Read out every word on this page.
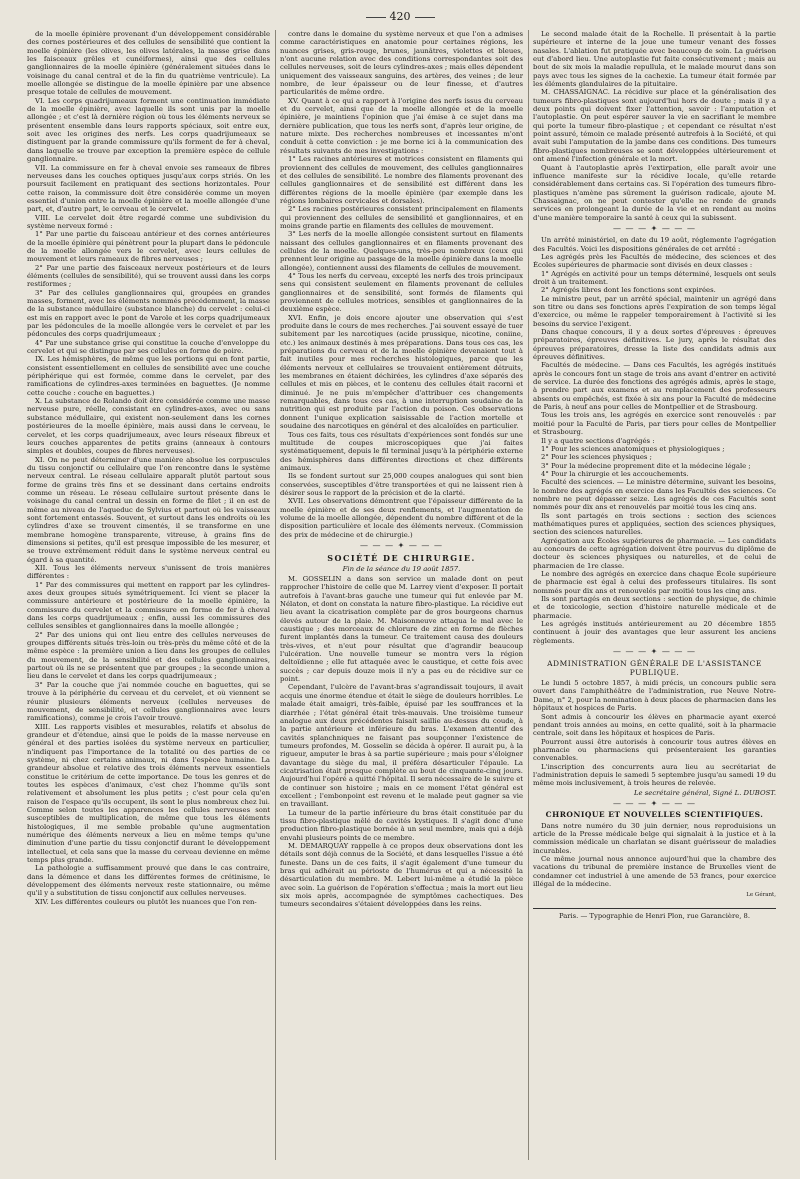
420

de la moelle épinière provenant d'un développement considérable des cornes postérieures et des cellules de sensibilité que contient la moelle épinière (les olives, les olives latérales, la masse grise dans les faisceaux grêles et cunéiformes), ainsi que des cellules ganglionnaires de la moelle épinière (généralement situées dans le voisinage du canal central et de la fin du quatrième ventricule). La moelle allongée se distingue de la moelle épinière par une absence presque totale de cellules de mouvement.

VI. Les corps quadrijumeaux forment une continuation immédiate de la moelle épinière, avec laquelle ils sont unis par la moelle allongée ; et c'est là dernière région où tous les éléments nerveux se présentent ensemble dans leurs rapports spéciaux, soit entre eux, soit avec les origines des nerfs. Les corps quadrijumeaux se distinguent par la grande commissure qu'ils forment de fer à cheval, dans laquelle se trouve par exception la première espèce de cellule ganglionnaire.

VII. La commissure en fer à cheval envoie ses rameaux de fibres nerveuses dans les couches optiques jusqu'aux corps striés. On les poursuit facilement en pratiquant des sections horizontales. Pour cette raison, la commissure doit être considérée comme un moyen essentiel d'union entre la moelle épinière et la moelle allongée d'une part, et, d'autre part, le cerveau et le cervelet.

VIII. Le cervelet doit être regardé comme une subdivision du système nerveux formé :

1° Par une partie du faisceau antérieur et des cornes antérieures de la moelle épinière qui pénètrent pour la plupart dans le pédoncule de la moelle allongée vers le cervelet, avec leurs cellules de mouvement et leurs rameaux de fibres nerveuses ;

2° Par une partie des faisceaux nerveux postérieurs et de leurs éléments (cellules de sensibilité), qui se trouvent aussi dans les corps restiformes ;

3° Par des cellules ganglionnaires qui, groupées en grandes masses, forment, avec les éléments nommés précédemment, la masse de la substance médullaire (substance blanche) du cervelet : celui-ci est mis en rapport avec le pont de Varole et les corps quadrijumeaux par les pédoncules de la moelle allongée vers le cervelet et par les pédoncules des corps quadrijumeaux ;

4° Par une substance grise qui constitue la couche d'enveloppe du cervelet et qui se distingue par ses cellules en forme de poire.

IX. Les hémisphères, de même que les portions qui en font partie, consistent essentiellement en cellules de sensibilité avec une couche périphérique qui est formée, comme dans le cervelet, par des ramifications de cylindres-axes terminées en baguettes. (Je nomme cette couche : couche en baguettes.)

X. La substance de Rolando doit être considérée comme une masse nerveuse pure, réelle, consistant en cylindres-axes, avec ou sans substance médullaire, qui existent non-seulement dans les cornes postérieures de la moelle épinière, mais aussi dans le cerveau, le cervelet, et les corps quadrijumeaux, avec leurs réseaux fibreux et leurs couches apparentes de petits grains (anneaux à contours simples et doubles, coupes de fibres nerveuses).

XI. On ne peut déterminer d'une manière absolue les corpuscules du tissu conjonctif ou cellulaire que l'on rencontre dans le système nerveux central. Le réseau cellulaire apparaît plutôt partout sous forme de grains très fins et se dessinant dans certains endroits comme un réseau. Le réseau cellulaire surtout présente dans le voisinage du canal central un dessin en forme de filet ; il en est de même au niveau de l'aqueduc de Sylvius et partout où les vaisseaux sont fortement entassés. Souvent, et surtout dans les endroits où les cylindres d'axe se trouvent cimentés, il se transforme en une membrane homogène transparente, vitreuse, à grains fins de dimensions si petites, qu'il est presque impossible de les mesurer, et se trouve extrêmement réduit dans le système nerveux central eu égard à sa quantité.

XII. Tous les éléments nerveux s'unissent de trois manières différentes :

1° Par des commissures qui mettent en rapport par les cylindres-axes deux groupes situés symétriquement. Ici vient se placer la commissure antérieure et postérieure de la moelle épinière, la commissure du cervelet et la commissure en forme de fer à cheval dans les corps quadrijumeaux ; enfin, aussi les commissures des cellules sensibles et ganglionnaires dans la moelle allongée ;

2° Par des unions qui ont lieu entre des cellules nerveuses de groupes différents situés très-loin ou très-près du même côté et de la même espèce : la première union a lieu dans les groupes de cellules du mouvement, de la sensibilité et des cellules ganglionnaires, partout où ils ne se présentent que par groupes ; la seconde union a lieu dans le cervelet et dans les corps quadrijumeaux ;

3° Par la couche que j'ai nommée couche en baguettes, qui se trouve à la périphérie du cerveau et du cervelet, et où viennent se réunir plusieurs éléments nerveux (cellules nerveuses de mouvement, de sensibilité, et cellules ganglionnaires avec leurs ramifications), comme je crois l'avoir trouvé.

XIII. Les rapports visibles et mesurables, relatifs et absolus de grandeur et d'étendue, ainsi que le poids de la masse nerveuse en général et des parties isolées du système nerveux en particulier, n'indiquent pas l'importance de la totalité ou des parties de ce système, ni chez certains animaux, ni dans l'espèce humaine. La grandeur absolue et relative des trois éléments nerveux essentiels constitue le critérium de cette importance. De tous les genres et de toutes les espèces d'animaux, c'est chez l'homme qu'ils sont relativement et absolument les plus petits ; c'est pour cela qu'en raison de l'espace qu'ils occupent, ils sont le plus nombreux chez lui. Comme selon toutes les apparences les cellules nerveuses sont susceptibles de multiplication, de même que tous les éléments histologiques, il me semble probable qu'une augmentation numérique des éléments nerveux a lieu en même temps qu'une diminution d'une partie du tissu conjonctif durant le développement intellectuel, et cela sans que la masse du cerveau devienne en même temps plus grande.

La pathologie a suffisamment prouvé que dans le cas contraire, dans la démence et dans les différentes formes de crétinisme, le développement des éléments nerveux reste stationnaire, ou même qu'il y a substitution de tissu conjonctif aux cellules nerveuses.

XIV. Les différentes couleurs ou plutôt les nuances que l'on ren-

contre dans le domaine du système nerveux et que l'on a admises comme caractéristiques en anatomie pour certaines régions, les nuances grises, gris-rouge, brunes, jaunâtres, violettes et bleues, n'ont aucune relation avec des conditions correspondantes soit des cellules nerveuses, soit de leurs cylindres-axes ; mais elles dépendent uniquement des vaisseaux sanguins, des artères, des veines ; de leur nombre, de leur épaisseur ou de leur finesse, et d'autres particularités de même ordre.

XV. Quant à ce qui a rapport à l'origine des nerfs issus du cerveau et du cervelet, ainsi que de la moelle allongée et de la moelle épinière, je maintiens l'opinion que j'ai émise à ce sujet dans ma dernière publication, que tous les nerfs sont, d'après leur origine, de nature mixte. Des recherches nombreuses et incessantes m'ont conduit à cette conviction : je me borne ici à la communication des résultats suivants de mes investigations :

1° Les racines antérieures et motrices consistent en filaments qui proviennent des cellules de mouvement, des cellules ganglionnaires et des cellules de sensibilité. Le nombre des filaments provenant des cellules ganglionnaires et de sensibilité est différent dans les différentes régions de la moelle épinière (par exemple dans les régions lombaires cervicales et dorsales).

2° Les racines postérieures consistent principalement en filaments qui proviennent des cellules de sensibilité et ganglionnaires, et en moins grande partie en filaments des cellules de mouvement.

3° Les nerfs de la moelle allongée consistent surtout en filaments naissant des cellules ganglionnaires et en filaments provenant des cellules de la moelle. Quelques-uns, très-peu nombreux (ceux qui prennent leur origine au passage de la moelle épinière dans la moelle allongée), contiennent aussi des filaments de cellules de mouvement.

4° Tous les nerfs du cerveau, excepté les nerfs des trois principaux sens qui consistent seulement en filaments provenant de cellules ganglionnaires et de sensibilité, sont formés de filaments qui proviennent de cellules motrices, sensibles et ganglionnaires de la deuxième espèce.

XVI. Enfin, je dois encore ajouter une observation qui s'est produite dans le cours de mes recherches. J'ai souvent essayé de tuer subitement par les narcotiques (acide prussique, nicotine, coniine, etc.) les animaux destinés à mes préparations. Dans tous ces cas, les préparations du cerveau et de la moelle épinière devenaient tout à fait inutiles pour mes recherches histologiques, parce que les éléments nerveux et cellulaires se trouvaient entièrement détruits, les membranes en étaient déchirées, les cylindres d'axe séparés des cellules et mis en pièces, et le contenu des cellules était racorni et diminué. Je ne puis m'empêcher d'attribuer ces changements remarquables, dans tous ces cas, à une interruption soudaine de la nutrition qui est produite par l'action du poison. Ces observations donnent l'unique explication saisissable de l'action mortelle et soudaine des narcotiques en général et des alcaloïdes en particulier.

Tous ces faits, tous ces résultats d'expériences sont fondés sur une multitude de coupes microscopiques que j'ai faites systématiquement, depuis le fil terminal jusqu'à la périphérie externe des hémisphères dans différentes directions et chez différents animaux.

Ils se fondent surtout sur 25,000 coupes analogues qui sont bien conservées, susceptibles d'être transportées et qui ne laissent rien à désirer sous le rapport de la précision et de la clarté.

XVII. Les observations démontrent que l'épaisseur différente de la moelle épinière et de ses deux renflements, et l'augmentation de volume de la moelle allongée, dépendent du nombre différent et de la disposition particulière et locale des éléments nerveux. (Commission des prix de médecine et de chirurgie.)

— — — ✦ — — —
SOCIÉTÉ DE CHIRURGIE.
Fin de la séance du 19 août 1857.

M. GOSSELIN a dans son service un malade dont on peut rapprocher l'histoire de celle que M. Larrey vient d'exposer. Il portait autrefois à l'avant-bras gauche une tumeur qui fut enlevée par M. Nélaton, et dont on constata la nature fibro-plastique. La récidive eut lieu avant la cicatrisation complète par de gros bourgeons charnus élevés autour de la plaie. M. Maisonneuve attaqua le mal avec le caustique ; des morceaux de chlorure de zinc en forme de flèches furent implantés dans la tumeur. Ce traitement causa des douleurs très-vives, et n'eut pour résultat que d'agrandir beaucoup l'ulcération. Une nouvelle tumeur se montra vers la région deltoïdienne ; elle fut attaquée avec le caustique, et cette fois avec succès ; car depuis douze mois il n'y a pas eu de récidive sur ce point.

Cependant, l'ulcère de l'avant-bras s'agrandissait toujours, il avait acquis une énorme étendue et était le siège de douleurs horribles. Le malade était amaigri, très-faible, épuisé par les souffrances et la diarrhée ; l'état général était très-mauvais. Une troisième tumeur analogue aux deux précédentes faisait saillie au-dessus du coude, à la partie antérieure et inférieure du bras. L'examen attentif des cavités splanchniques ne faisant pas soupçonner l'existence de tumeurs profondes, M. Gosselin se décida à opérer. Il aurait pu, à la rigueur, amputer le bras à sa partie supérieure ; mais pour s'éloigner davantage du siège du mal, il préféra désarticuler l'épaule. La cicatrisation était presque complète au bout de cinquante-cinq jours. Aujourd'hui l'opéré a quitté l'hôpital. Il sera nécessaire de le suivre et de continuer son histoire ; mais en ce moment l'état général est excellent ; l'embonpoint est revenu et le malade peut gagner sa vie en travaillant.

La tumeur de la partie inférieure du bras était constituée par du tissu fibro-plastique mêlé de cavités kystiques. Il s'agit donc d'une production fibro-plastique bornée à un seul membre, mais qui a déjà envahi plusieurs points de ce membre.

M. DEMARQUAY rappelle à ce propos deux observations dont les détails sont déjà connus de la Société, et dans lesquelles l'issue a été funeste. Dans un de ces faits, il s'agit également d'une tumeur du bras qui adhérait au périoste de l'humérus et qui a nécessité la désarticulation du membre. M. Lebert lui-même a étudié la pièce avec soin. La guérison de l'opération s'effectua ; mais la mort eut lieu six mois après, accompagnée de symptômes cachectiques. Des tumeurs secondaires s'étaient développées dans les reins.

Le second malade était de la Rochelle. Il présentait à la partie supérieure et interne de la joue une tumeur venant des fosses nasales. L'ablation fut pratiquée avec beaucoup de soin. La guérison eut d'abord lieu. Une autoplastie fut faite consécutivement ; mais au bout de six mois la maladie repullula, et le malade mourut dans son pays avec tous les signes de la cachexie. La tumeur était formée par les éléments glandulaires de la pituitaire.

M. CHASSAIGNAC. La récidive sur place et la généralisation des tumeurs fibro-plastiques sont aujourd'hui hors de doute ; mais il y a deux points qui doivent fixer l'attention, savoir : l'amputation et l'autoplastie. On peut espérer sauver la vie en sacrifiant le membre qui porte la tumeur fibro-plastique ; et cependant ce résultat n'est point assuré, témoin ce malade présenté autrefois à la Société, et qui avait subi l'amputation de la jambe dans ces conditions. Des tumeurs fibro-plastiques nombreuses se sont développées ultérieurement et ont amené l'infection générale et la mort.

Quant à l'autoplastie après l'extirpation, elle paraît avoir une influence manifeste sur la récidive locale, qu'elle retarde considérablement dans certains cas. Si l'opération des tumeurs fibro-plastiques n'amène pas sûrement la guérison radicale, ajoute M. Chassaignac, on ne peut contester qu'elle ne rende de grands services en prolongeant la durée de la vie et en rendant au moins d'une manière temporaire la santé à ceux qui la subissent.

— — — ✦ — — —

Un arrêté ministériel, en date du 19 août, réglemente l'agrégation des Facultés. Voici les dispositions générales de cet arrêté :

Les agrégés près les Facultés de médecine, des sciences et des Écoles supérieures de pharmacie sont divisés en deux classes :

1° Agrégés en activité pour un temps déterminé, lesquels ont seuls droit à un traitement.

2° Agrégés libres dont les fonctions sont expirées.

Le ministre peut, par un arrêté spécial, maintenir un agrégé dans son titre ou dans ses fonctions après l'expiration de son temps légal d'exercice, ou même le rappeler temporairement à l'activité si les besoins du service l'exigent.

Dans chaque concours, il y a deux sortes d'épreuves : épreuves préparatoires, épreuves définitives. Le jury, après le résultat des épreuves préparatoires, dresse la liste des candidats admis aux épreuves définitives.

Facultés de médecine. — Dans ces Facultés, les agrégés institués après le concours font un stage de trois ans avant d'entrer en activité de service. La durée des fonctions des agrégés admis, après le stage, à prendre part aux examens et au remplacement des professeurs absents ou empêchés, est fixée à six ans pour la Faculté de médecine de Paris, à neuf ans pour celles de Montpellier et de Strasbourg.

Tous les trois ans, les agrégés en exercice sont renouvelés : par moitié pour la Faculté de Paris, par tiers pour celles de Montpellier et Strasbourg.

Il y a quatre sections d'agrégés :

1° Pour les sciences anatomiques et physiologiques ;

2° Pour les sciences physiques ;

3° Pour la médecine proprement dite et la médecine légale ;

4° Pour la chirurgie et les accouchements.

Faculté des sciences. — Le ministre détermine, suivant les besoins, le nombre des agrégés en exercice dans les Facultés des sciences. Ce nombre ne peut dépasser seize. Les agrégés de ces Facultés sont nommés pour dix ans et renouvelés par moitié tous les cinq ans.

Ils sont partagés en trois sections : section des sciences mathématiques pures et appliquées, section des sciences physiques, section des sciences naturelles.

Agrégation aux Écoles supérieures de pharmacie. — Les candidats au concours de cette agrégation doivent être pourvus du diplôme de docteur ès sciences physiques ou naturelles, et de celui de pharmacien de 1re classe.

Le nombre des agrégés en exercice dans chaque École supérieure de pharmacie est égal à celui des professeurs titulaires. Ils sont nommés pour dix ans et renouvelés par moitié tous les cinq ans.

Ils sont partagés en deux sections : section de physique, de chimie et de toxicologie, section d'histoire naturelle médicale et de pharmacie.

Les agrégés institués antérieurement au 20 décembre 1855 continuent à jouir des avantages que leur assurent les anciens règlements.

— — — ✦ — — —
ADMINISTRATION GÉNÉRALE DE L'ASSISTANCE PUBLIQUE.

Le lundi 5 octobre 1857, à midi précis, un concours public sera ouvert dans l'amphithéâtre de l'administration, rue Neuve Notre-Dame, n° 2, pour la nomination à deux places de pharmacien dans les hôpitaux et hospices de Paris.

Sont admis à concourir les élèves en pharmacie ayant exercé pendant trois années au moins, en cette qualité, soit à la pharmacie centrale, soit dans les hôpitaux et hospices de Paris.

Pourront aussi être autorisés à concourir tous autres élèves en pharmacie ou pharmaciens qui présenteraient les garanties convenables.

L'inscription des concurrents aura lieu au secrétariat de l'administration depuis le samedi 5 septembre jusqu'au samedi 19 du même mois inclusivement, à trois heures de relevée.

Le secrétaire général, Signé L. DUBOST.
— — — ✦ — — —
CHRONIQUE ET NOUVELLES SCIENTIFIQUES.

Dans notre numéro du 30 juin dernier, nous reproduisions un article de la Presse médicale belge qui signalait à la justice et à la commission médicale un charlatan se disant guérisseur de maladies incurables.

Ce même journal nous annonce aujourd'hui que la chambre des vacations du tribunal de première instance de Bruxelles vient de condamner cet industriel à une amende de 53 francs, pour exercice illégal de la médecine.

Le Gérant,
Paris. — Typographie de Henri Plon, rue Garancière, 8.
